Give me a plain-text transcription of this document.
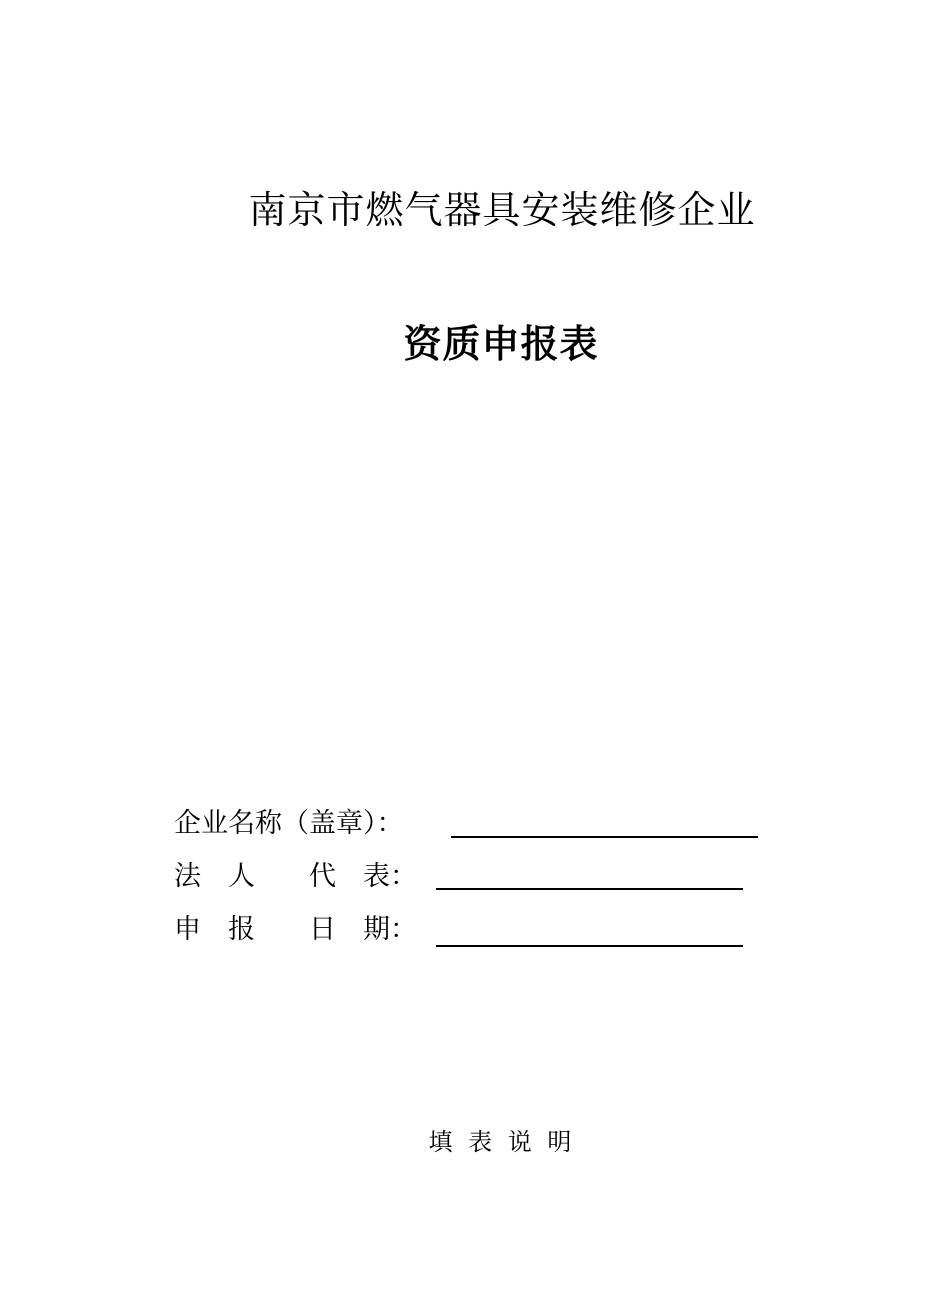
南京市燃气器具安装维修企业
资质申报表
企业名称（盖章）：
法　人　　代　表：
申　报　　日　期：
填 表 说 明
